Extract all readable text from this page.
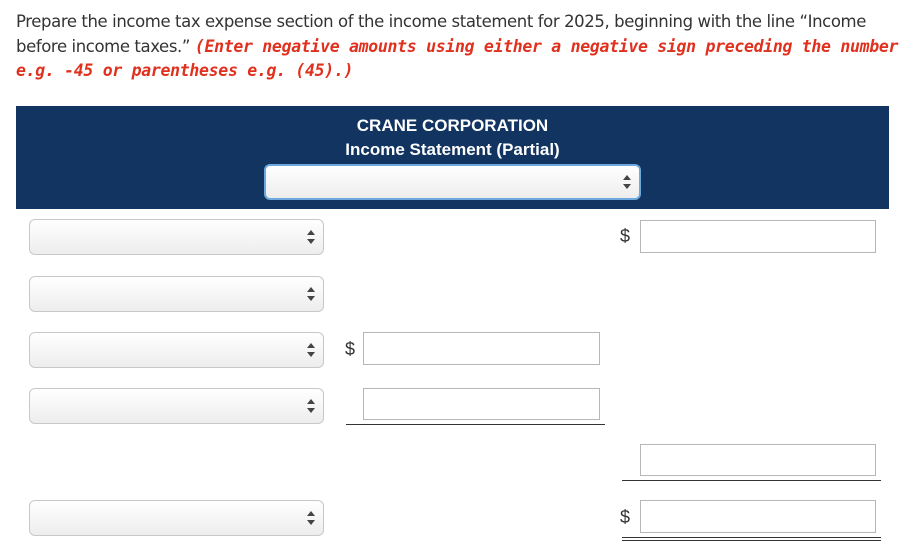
Prepare the income tax expense section of the income statement for 2025, beginning with the line “Income before income taxes.” (Enter negative amounts using either a negative sign preceding the number e.g. -45 or parentheses e.g. (45).)
CRANE CORPORATION
Income Statement (Partial)
$
$
$
